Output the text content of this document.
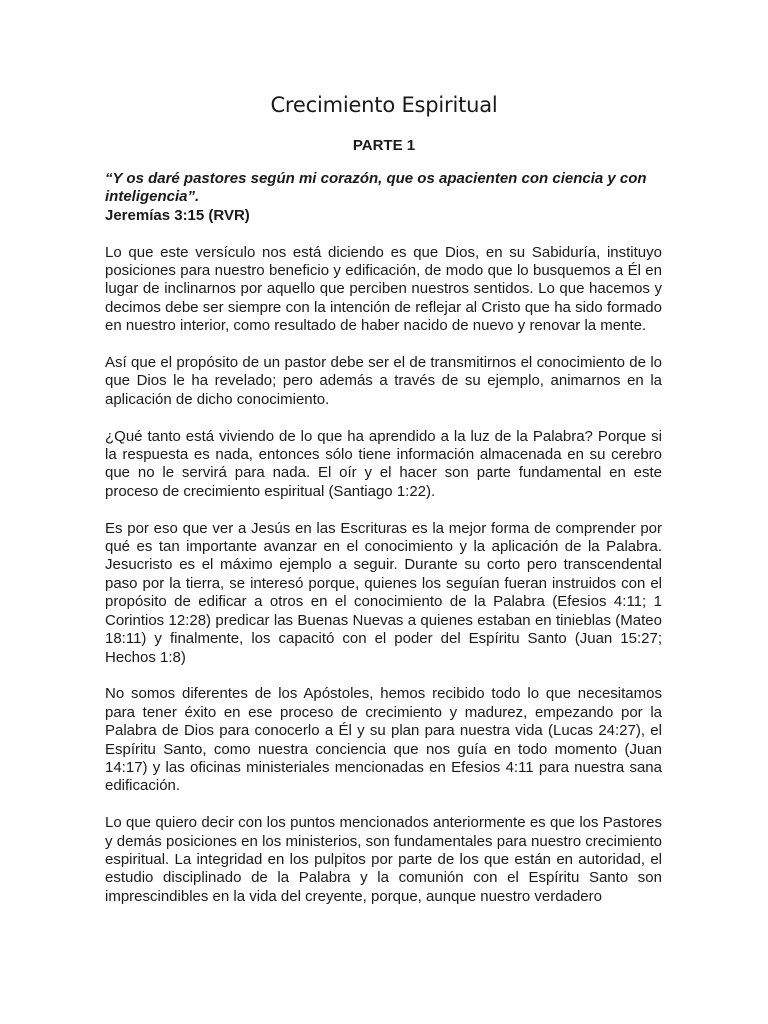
Crecimiento Espiritual
PARTE 1

“Y os daré pastores según mi corazón, que os apacienten con ciencia y con inteligencia”.

Jeremías 3:15 (RVR)

Lo que este versículo nos está diciendo es que Dios, en su Sabiduría, instituyo posiciones para nuestro beneficio y edificación, de modo que lo busquemos a Él en lugar de inclinarnos por aquello que perciben nuestros sentidos. Lo que hacemos y decimos debe ser siempre con la intención de reflejar al Cristo que ha sido formado en nuestro interior, como resultado de haber nacido de nuevo y renovar la mente.

Así que el propósito de un pastor debe ser el de transmitirnos el conocimiento de lo que Dios le ha revelado; pero además a través de su ejemplo, animarnos en la aplicación de dicho conocimiento.

¿Qué tanto está viviendo de lo que ha aprendido a la luz de la Palabra? Porque si la respuesta es nada, entonces sólo tiene información almacenada en su cerebro que no le servirá para nada. El oír y el hacer son parte fundamental en este proceso de crecimiento espiritual (Santiago 1:22).

Es por eso que ver a Jesús en las Escrituras es la mejor forma de comprender por qué es tan importante avanzar en el conocimiento y la aplicación de la Palabra. Jesucristo es el máximo ejemplo a seguir. Durante su corto pero transcendental paso por la tierra, se interesó porque, quienes los seguían fueran instruidos con el propósito de edificar a otros en el conocimiento de la Palabra (Efesios 4:11; 1 Corintios 12:28) predicar las Buenas Nuevas a quienes estaban en tinieblas (Mateo 18:11) y finalmente, los capacitó con el poder del Espíritu Santo (Juan 15:27; Hechos 1:8)

No somos diferentes de los Apóstoles, hemos recibido todo lo que necesitamos para tener éxito en ese proceso de crecimiento y madurez, empezando por la Palabra de Dios para conocerlo a Él y su plan para nuestra vida (Lucas 24:27), el Espíritu Santo, como nuestra conciencia que nos guía en todo momento (Juan 14:17) y las oficinas ministeriales mencionadas en Efesios 4:11 para nuestra sana edificación.

Lo que quiero decir con los puntos mencionados anteriormente es que los Pastores y demás posiciones en los ministerios, son fundamentales para nuestro crecimiento espiritual. La integridad en los pulpitos por parte de los que están en autoridad, el estudio disciplinado de la Palabra y la comunión con el Espíritu Santo son imprescindibles en la vida del creyente, porque, aunque nuestro verdadero
